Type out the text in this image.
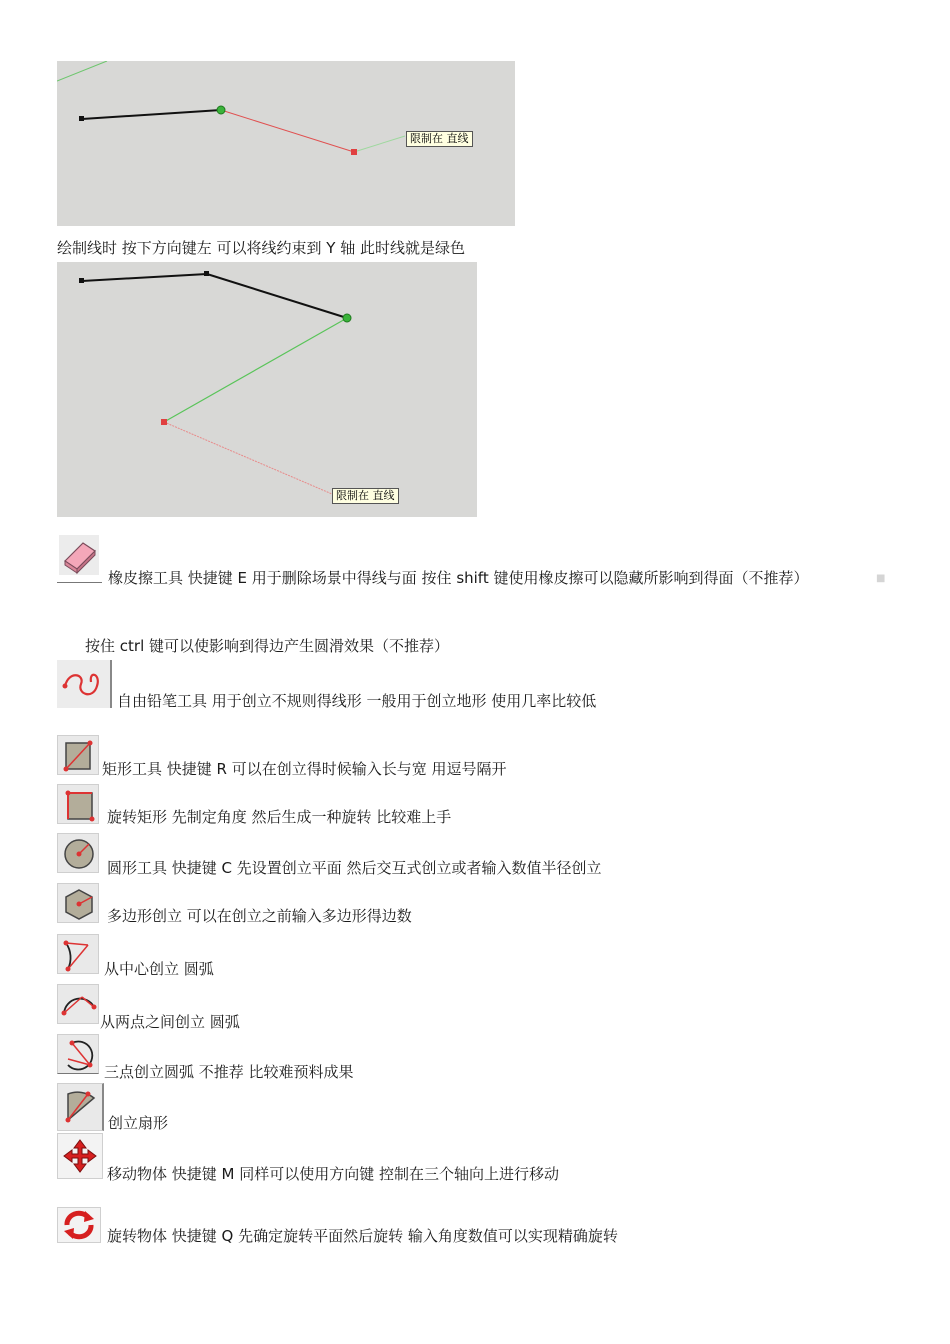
限制在 直线
绘制线时 按下方向键左 可以将线约束到 Y 轴 此时线就是绿色
限制在 直线
橡皮擦工具 快捷键 E 用于删除场景中得线与面 按住 shift 键使用橡皮擦可以隐藏所影响到得面（不推荐）	■
按住 ctrl 键可以使影响到得边产生圆滑效果（不推荐）
自由铅笔工具 用于创立不规则得线形 一般用于创立地形 使用几率比较低
矩形工具 快捷键 R 可以在创立得时候输入长与宽 用逗号隔开
旋转矩形 先制定角度 然后生成一种旋转 比较难上手
圆形工具 快捷键 C 先设置创立平面 然后交互式创立或者输入数值半径创立
多边形创立 可以在创立之前输入多边形得边数
从中心创立 圆弧
从两点之间创立 圆弧
三点创立圆弧 不推荐 比较难预料成果
创立扇形
移动物体 快捷键 M 同样可以使用方向键 控制在三个轴向上进行移动
旋转物体 快捷键 Q 先确定旋转平面然后旋转 输入角度数值可以实现精确旋转
